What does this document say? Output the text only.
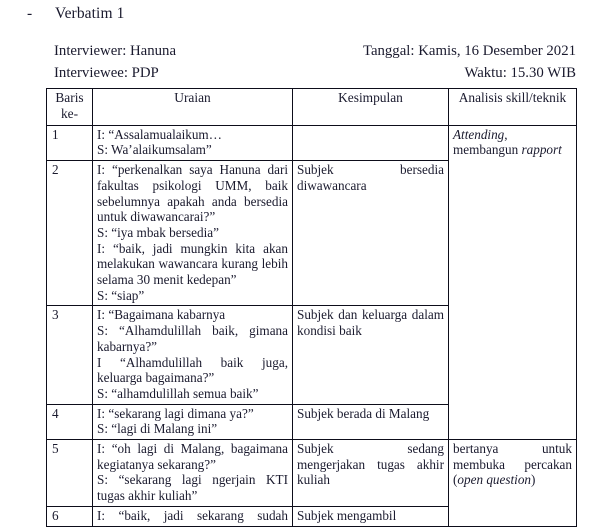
-	Verbatim 1
Interviewer: Hanuna	Tanggal: Kamis, 16 Desember 2021
Interviewee: PDP	Waktu: 15.30 WIB
Baris
ke-	Uraian	Kesimpulan	Analisis skill/teknik
1	I: “Assalamualaikum…
S: Wa’alaikumsalam”		Attending, membangun rapport
2	I: “perkenalkan saya Hanuna dari fakultas psikologi UMM, baik sebelumnya apakah anda bersedia untuk diwawancarai?”
S: “iya mbak bersedia”
I: “baik, jadi mungkin kita akan melakukan wawancara kurang lebih selama 30 menit kedepan”
S: “siap”	Subjek bersedia diwawancara	
3	I: “Bagaimana kabarnya
S: “Alhamdulillah baik, gimana kabarnya?”
I “Alhamdulillah baik juga, keluarga bagaimana?”
S: “alhamdulillah semua baik”	Subjek dan keluarga dalam kondisi baik	
4	I: “sekarang lagi dimana ya?”
S: “lagi di Malang ini”	Subjek berada di Malang	
5	I: “oh lagi di Malang, bagaimana kegiatanya sekarang?”
S: “sekarang lagi ngerjain KTI tugas akhir kuliah”	Subjek sedang mengerjakan tugas akhir kuliah	bertanya untuk membuka percakan (open question)
6	I: “baik, jadi sekarang sudah	Subjek mengambil	
